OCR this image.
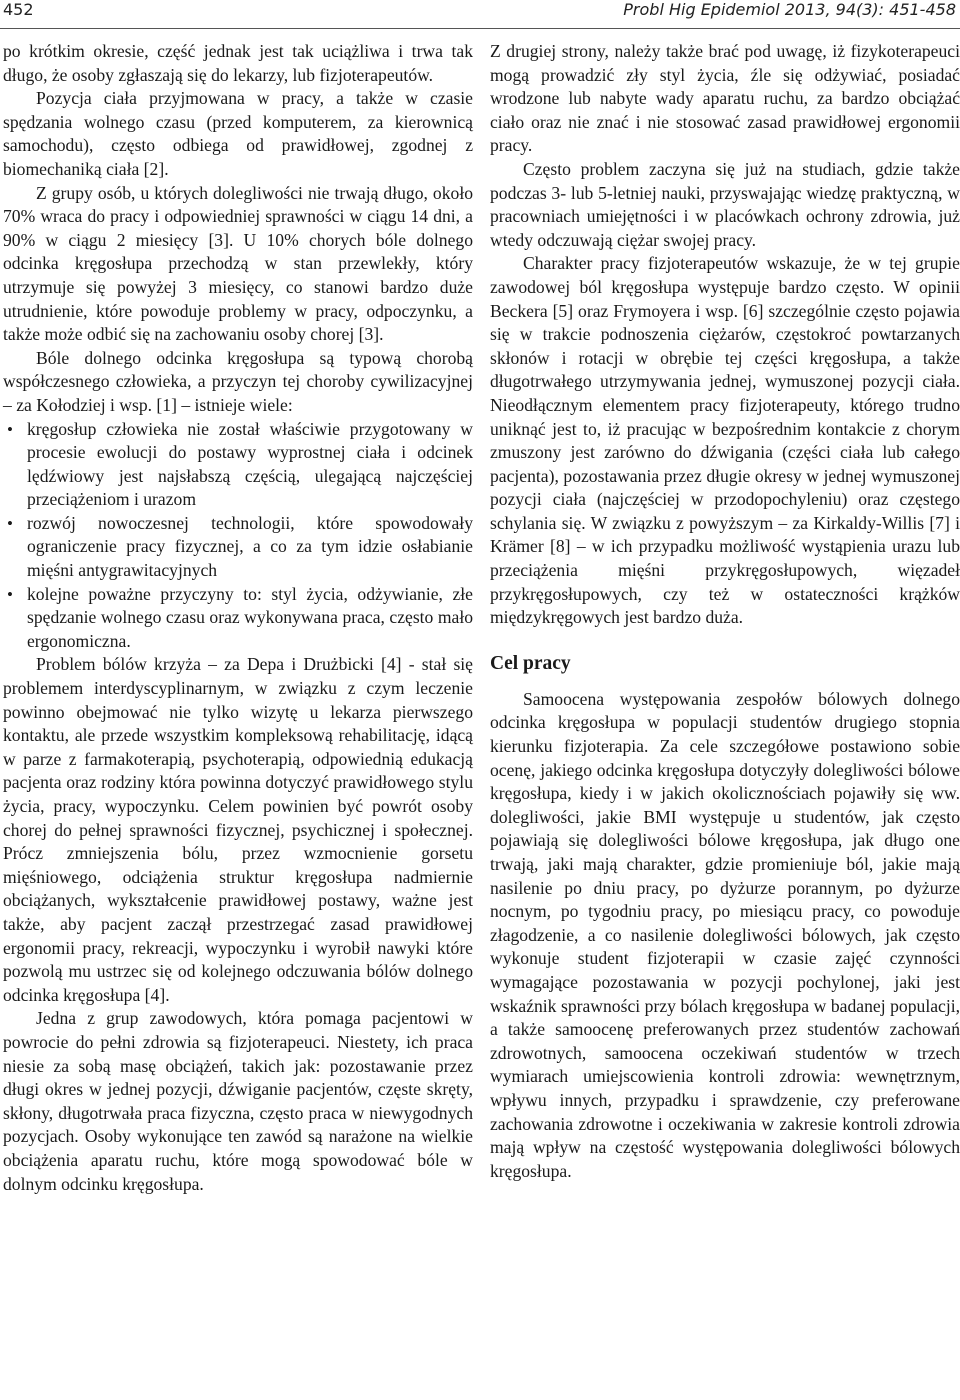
452	Probl Hig Epidemiol 2013, 94(3): 451-458

po krótkim okresie, część jednak jest tak uciążliwa i trwa tak długo, że osoby zgłaszają się do lekarzy, lub fizjoterapeutów.

Pozycja ciała przyjmowana w pracy, a także w czasie spędzania wolnego czasu (przed komputerem, za kierownicą samochodu), często odbiega od prawidłowej, zgodnej z biomechaniką ciała [2].

Z grupy osób, u których dolegliwości nie trwają długo, około 70% wraca do pracy i odpowiedniej sprawności w ciągu 14 dni, a 90% w ciągu 2 miesięcy [3]. U 10% chorych bóle dolnego odcinka kręgosłupa przechodzą w stan przewlekły, który utrzymuje się powyżej 3 miesięcy, co stanowi bardzo duże utrudnienie, które powoduje problemy w pracy, odpoczynku, a także może odbić się na zachowaniu osoby chorej [3].

Bóle dolnego odcinka kręgosłupa są typową chorobą współczesnego człowieka, a przyczyn tej choroby cywilizacyjnej – za Kołodziej i wsp. [1] – istnieje wiele:

• kręgosłup człowieka nie został właściwie przygotowany w procesie ewolucji do postawy wyprostnej ciała i odcinek lędźwiowy jest najsłabszą częścią, ulegającą najczęściej przeciążeniom i urazom
• rozwój nowoczesnej technologii, które spowodowały ograniczenie pracy fizycznej, a co za tym idzie osłabianie mięśni antygrawitacyjnych
• kolejne poważne przyczyny to: styl życia, odżywianie, złe spędzanie wolnego czasu oraz wykonywana praca, często mało ergonomiczna.

Problem bólów krzyża – za Depa i Drużbicki [4] - stał się problemem interdyscyplinarnym, w związku z czym leczenie powinno obejmować nie tylko wizytę u lekarza pierwszego kontaktu, ale przede wszystkim kompleksową rehabilitację, idącą w parze z farmakoterapią, psychoterapią, odpowiednią edukacją pacjenta oraz rodziny która powinna dotyczyć prawidłowego stylu życia, pracy, wypoczynku. Celem powinien być powrót osoby chorej do pełnej sprawności fizycznej, psychicznej i społecznej. Prócz zmniejszenia bólu, przez wzmocnienie gorsetu mięśniowego, odciążenia struktur kręgosłupa nadmiernie obciążanych, wykształcenie prawidłowej postawy, ważne jest także, aby pacjent zaczął przestrzegać zasad prawidłowej ergonomii pracy, rekreacji, wypoczynku i wyrobił nawyki które pozwolą mu ustrzec się od kolejnego odczuwania bólów dolnego odcinka kręgosłupa [4].

Jedna z grup zawodowych, która pomaga pacjentowi w powrocie do pełni zdrowia są fizjoterapeuci. Niestety, ich praca niesie za sobą masę obciążeń, takich jak: pozostawanie przez długi okres w jednej pozycji, dźwiganie pacjentów, częste skręty, skłony, długotrwała praca fizyczna, często praca w niewygodnych pozycjach. Osoby wykonujące ten zawód są narażone na wielkie obciążenia aparatu ruchu, które mogą spowodować bóle w dolnym odcinku kręgosłupa.

Z drugiej strony, należy także brać pod uwagę, iż fizykoterapeuci mogą prowadzić zły styl życia, źle się odżywiać, posiadać wrodzone lub nabyte wady aparatu ruchu, za bardzo obciążać ciało oraz nie znać i nie stosować zasad prawidłowej ergonomii pracy.

Często problem zaczyna się już na studiach, gdzie także podczas 3- lub 5-letniej nauki, przyswajając wiedzę praktyczną, w pracowniach umiejętności i w placówkach ochrony zdrowia, już wtedy odczuwają ciężar swojej pracy.

Charakter pracy fizjoterapeutów wskazuje, że w tej grupie zawodowej ból kręgosłupa występuje bardzo często. W opinii Beckera [5] oraz Frymoyera i wsp. [6] szczególnie często pojawia się w trakcie podnoszenia ciężarów, częstokroć powtarzanych skłonów i rotacji w obrębie tej części kręgosłupa, a także długotrwałego utrzymywania jednej, wymuszonej pozycji ciała. Nieodłącznym elementem pracy fizjoterapeuty, którego trudno uniknąć jest to, iż pracując w bezpośrednim kontakcie z chorym zmuszony jest zarówno do dźwigania (części ciała lub całego pacjenta), pozostawania przez długie okresy w jednej wymuszonej pozycji ciała (najczęściej w przodopochyleniu) oraz częstego schylania się. W związku z powyższym – za Kirkaldy-Willis [7] i Krämer [8] – w ich przypadku możliwość wystąpienia urazu lub przeciążenia mięśni przykręgosłupowych, więzadeł przykręgosłupowych, czy też w ostateczności krążków międzykręgowych jest bardzo duża.

Cel pracy

Samoocena występowania zespołów bólowych dolnego odcinka kręgosłupa w populacji studentów drugiego stopnia kierunku fizjoterapia. Za cele szczegółowe postawiono sobie ocenę, jakiego odcinka kręgosłupa dotyczyły dolegliwości bólowe kręgosłupa, kiedy i w jakich okolicznościach pojawiły się ww. dolegliwości, jakie BMI występuje u studentów, jak często pojawiają się dolegliwości bólowe kręgosłupa, jak długo one trwają, jaki mają charakter, gdzie promieniuje ból, jakie mają nasilenie po dniu pracy, po dyżurze porannym, po dyżurze nocnym, po tygodniu pracy, po miesiącu pracy, co powoduje złagodzenie, a co nasilenie dolegliwości bólowych, jak często wykonuje student fizjoterapii w czasie zajęć czynności wymagające pozostawania w pozycji pochylonej, jaki jest wskaźnik sprawności przy bólach kręgosłupa w badanej populacji, a także samoocenę preferowanych przez studentów zachowań zdrowotnych, samoocena oczekiwań studentów w trzech wymiarach umiejscowienia kontroli zdrowia: wewnętrznym, wpływu innych, przypadku i sprawdzenie, czy preferowane zachowania zdrowotne i oczekiwania w zakresie kontroli zdrowia mają wpływ na częstość występowania dolegliwości bólowych kręgosłupa.
